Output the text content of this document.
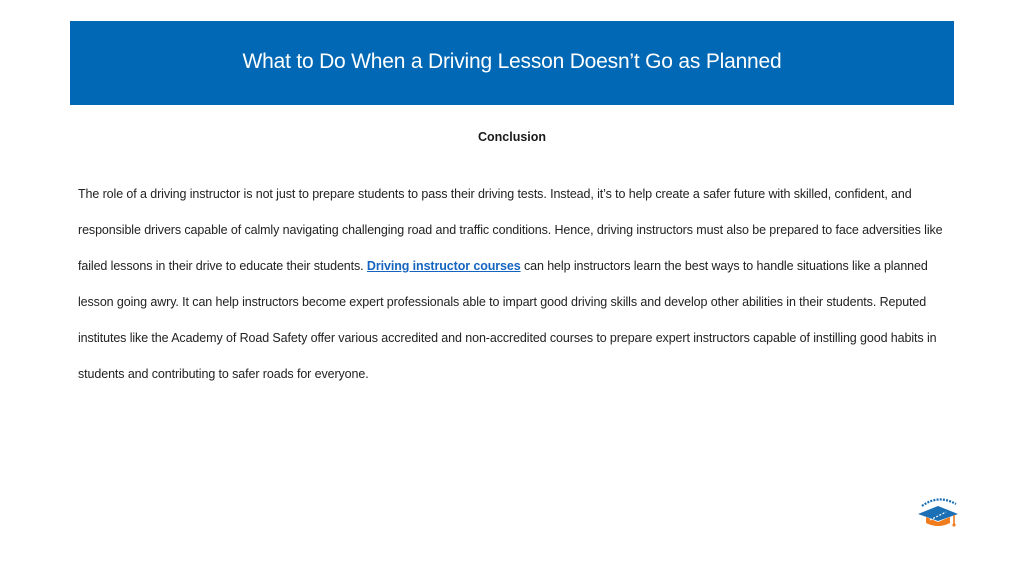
What to Do When a Driving Lesson Doesn’t Go as Planned
Conclusion

The role of a driving instructor is not just to prepare students to pass their driving tests. Instead, it’s to help create a safer future with skilled, confident, and responsible drivers capable of calmly navigating challenging road and traffic conditions. Hence, driving instructors must also be prepared to face adversities like failed lessons in their drive to educate their students. Driving instructor courses can help instructors learn the best ways to handle situations like a planned lesson going awry. It can help instructors become expert professionals able to impart good driving skills and develop other abilities in their students. Reputed institutes like the Academy of Road Safety offer various accredited and non-accredited courses to prepare expert instructors capable of instilling good habits in students and contributing to safer roads for everyone.
